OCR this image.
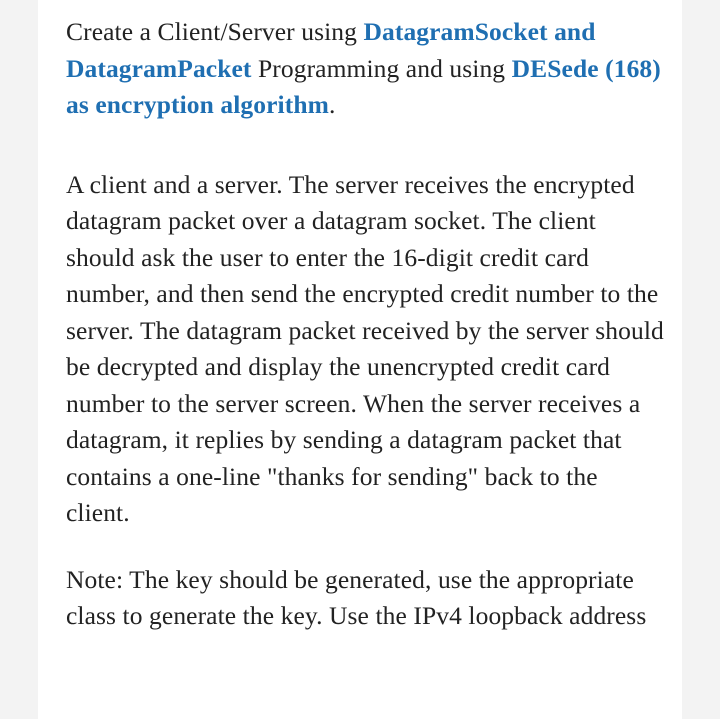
Create a Client/Server using DatagramSocket and DatagramPacket Programming and using DESede (168) as encryption algorithm.

A client and a server. The server receives the encrypted datagram packet over a datagram socket. The client should ask the user to enter the 16-digit credit card number, and then send the encrypted credit number to the server. The datagram packet received by the server should be decrypted and display the unencrypted credit card number to the server screen. When the server receives a datagram, it replies by sending a datagram packet that contains a one-line "thanks for sending" back to the client.

Note: The key should be generated, use the appropriate class to generate the key. Use the IPv4 loopback address
